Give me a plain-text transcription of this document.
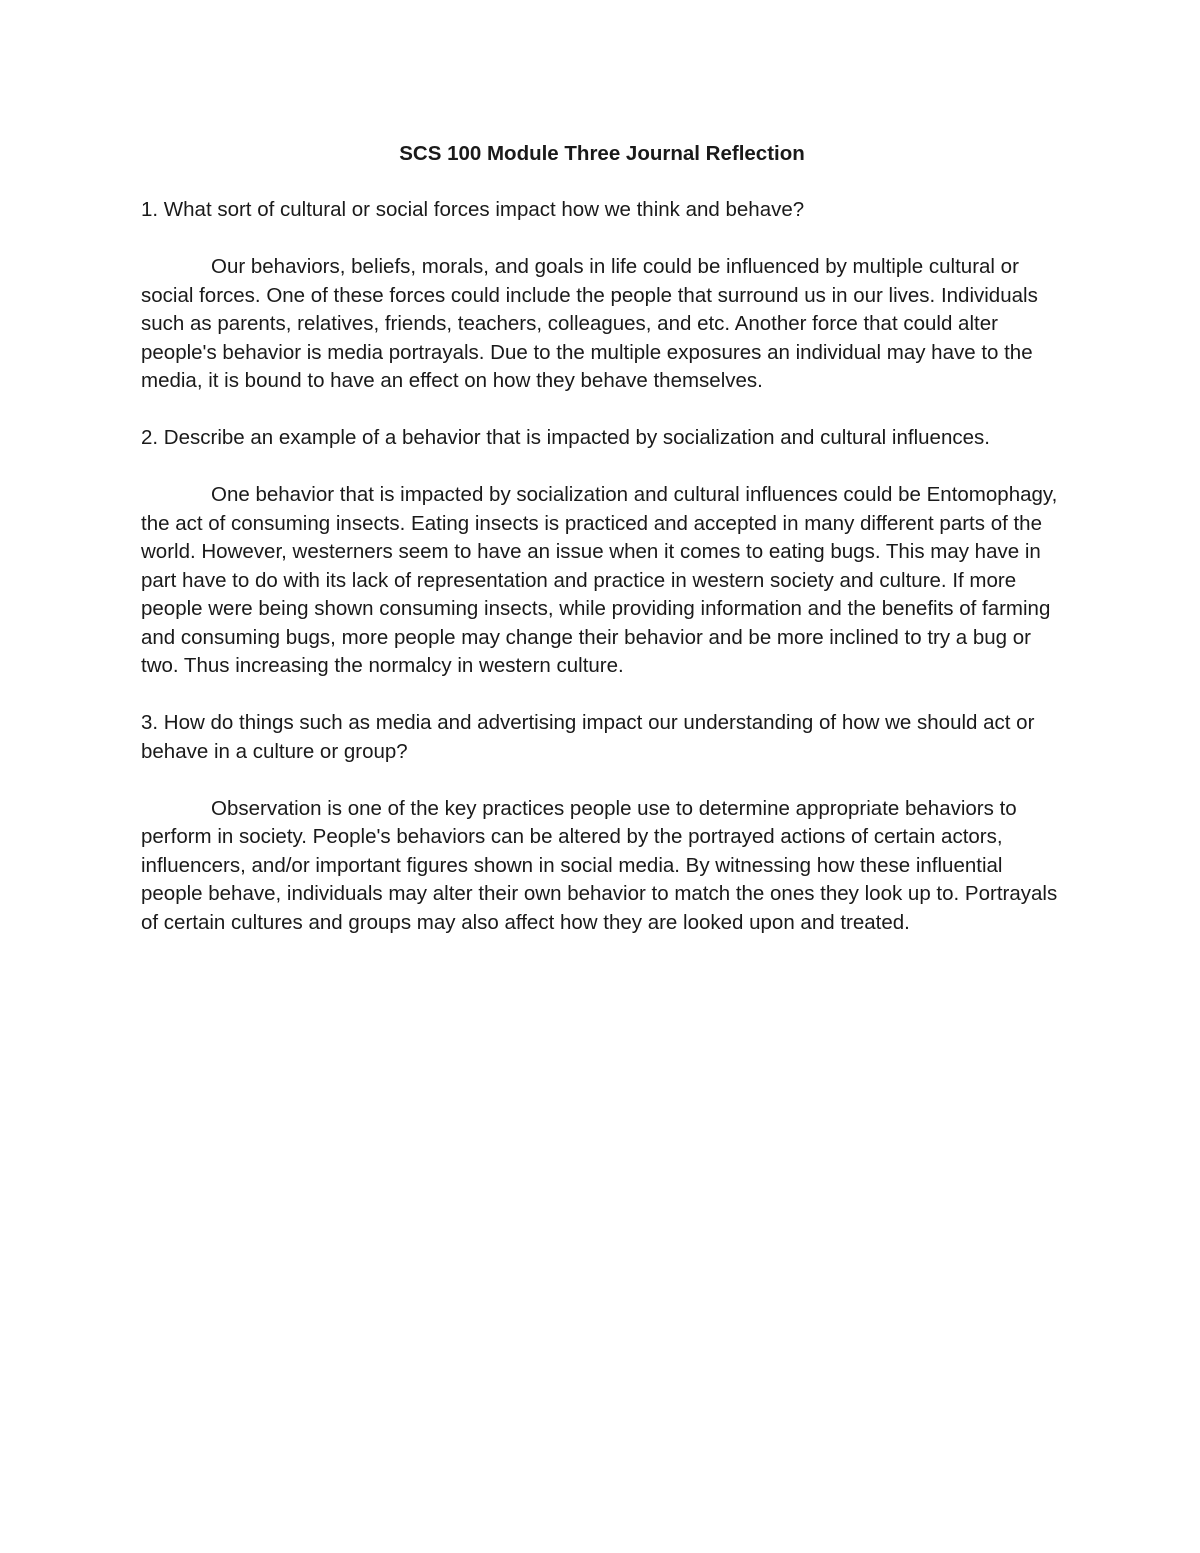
SCS 100 Module Three Journal Reflection

1. What sort of cultural or social forces impact how we think and behave?

Our behaviors, beliefs, morals, and goals in life could be influenced by multiple cultural or social forces. One of these forces could include the people that surround us in our lives. Individuals such as parents, relatives, friends, teachers, colleagues, and etc. Another force that could alter people's behavior is media portrayals. Due to the multiple exposures an individual may have to the media, it is bound to have an effect on how they behave themselves.

2. Describe an example of a behavior that is impacted by socialization and cultural influences.

One behavior that is impacted by socialization and cultural influences could be Entomophagy, the act of consuming insects. Eating insects is practiced and accepted in many different parts of the world. However, westerners seem to have an issue when it comes to eating bugs. This may have in part have to do with its lack of representation and practice in western society and culture. If more people were being shown consuming insects, while providing information and the benefits of farming and consuming bugs, more people may change their behavior and be more inclined to try a bug or two. Thus increasing the normalcy in western culture.

3. How do things such as media and advertising impact our understanding of how we should act or behave in a culture or group?

Observation is one of the key practices people use to determine appropriate behaviors to perform in society. People's behaviors can be altered by the portrayed actions of certain actors, influencers, and/or important figures shown in social media. By witnessing how these influential people behave, individuals may alter their own behavior to match the ones they look up to. Portrayals of certain cultures and groups may also affect how they are looked upon and treated.
